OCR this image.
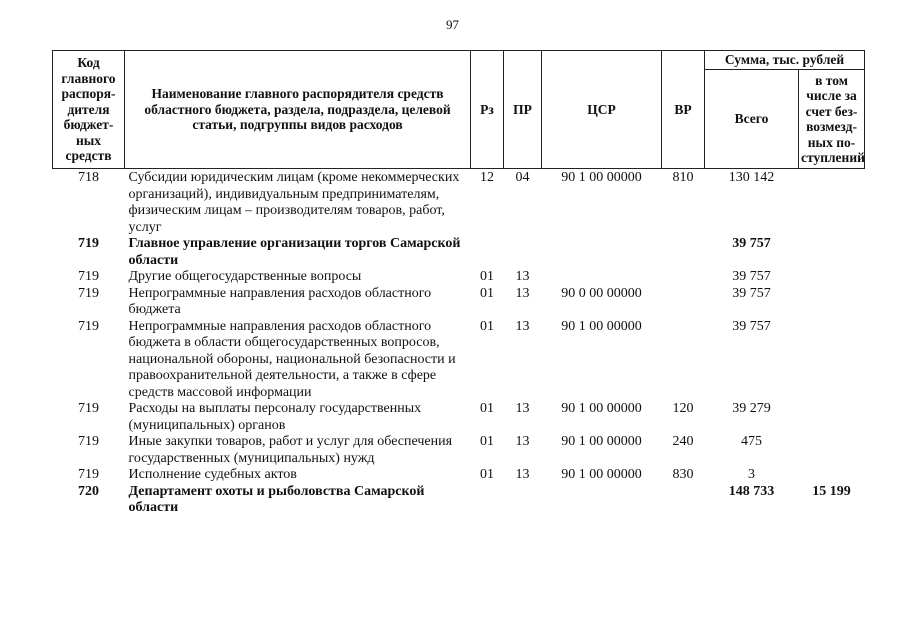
97
Код главного распоря-дителя бюджет-ных средств	Наименование главного распорядителя средств областного бюджета, раздела, подраздела, целевой статьи, подгруппы видов расходов	Рз	ПР	ЦСР	ВР	Сумма, тыс. рублей	
						Всего	в том числе за счет без-возмезд-ных по-ступлений
718	Субсидии юридическим лицам (кроме некоммерческих организаций), индивидуальным предпринимателям, физическим лицам – производителям товаров, работ, услуг	12	04	90 1 00 00000	810	130 142	
719	Главное управление организации торгов Самарской области					39 757	
719	Другие общегосударственные вопросы	01	13			39 757	
719	Непрограммные направления расходов областного бюджета	01	13	90 0 00 00000		39 757	
719	Непрограммные направления расходов областного бюджета в области общегосударственных вопросов, национальной обороны, национальной безопасности и правоохранительной деятельности, а также в сфере средств массовой информации	01	13	90 1 00 00000		39 757	
719	Расходы на выплаты персоналу государственных (муниципальных) органов	01	13	90 1 00 00000	120	39 279	
719	Иные закупки товаров, работ и услуг для обеспечения государственных (муниципальных) нужд	01	13	90 1 00 00000	240	475	
719	Исполнение судебных актов	01	13	90 1 00 00000	830	3	
720	Департамент охоты и рыболовства Самарской области					148 733	15 199
